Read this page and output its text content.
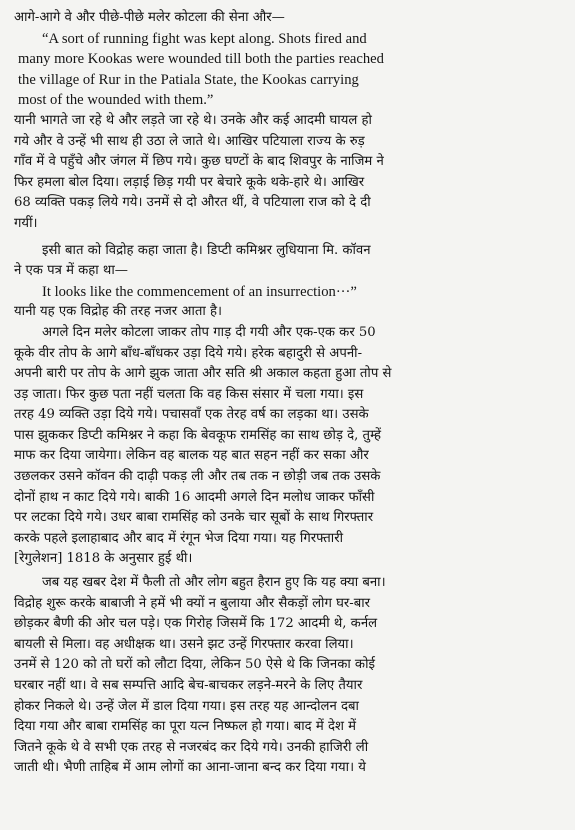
आगे-आगे वे और पीछे-पीछे मलेर कोटला की सेना और—
“A sort of running fight was kept along. Shots fired and
many more Kookas were wounded till both the parties reached
the village of Rur in the Patiala State, the Kookas carrying
most of the wounded with them.”
यानी भागते जा रहे थे और लड़ते जा रहे थे। उनके और कई आदमी घायल हो
गये और वे उन्हें भी साथ ही उठा ले जाते थे। आखिर पटियाला राज्य के रुड़
गाँव में वे पहुँचे और जंगल में छिप गये। कुछ घण्टों के बाद शिवपुर के नाजिम ने
फिर हमला बोल दिया। लड़ाई छिड़ गयी पर बेचारे कूके थके-हारे थे। आखिर
68 व्यक्ति पकड़ लिये गये। उनमें से दो औरत थीं, वे पटियाला राज को दे दी
गयीं।
इसी बात को विद्रोह कहा जाता है। डिप्टी कमिश्नर लुधियाना मि. कॉवन
ने एक पत्र में कहा था—
It looks like the commencement of an insurrection···”
यानी यह एक विद्रोह की तरह नजर आता है।
अगले दिन मलेर कोटला जाकर तोप गाड़ दी गयी और एक-एक कर 50
कूके वीर तोप के आगे बाँध-बाँधकर उड़ा दिये गये। हरेक बहादुरी से अपनी-
अपनी बारी पर तोप के आगे झुक जाता और सति श्री अकाल कहता हुआ तोप से
उड़ जाता। फिर कुछ पता नहीं चलता कि वह किस संसार में चला गया। इस
तरह 49 व्यक्ति उड़ा दिये गये। पचासवाँ एक तेरह वर्ष का लड़का था। उसके
पास झुककर डिप्टी कमिश्नर ने कहा कि बेवकूफ रामसिंह का साथ छोड़ दे, तुम्हें
माफ कर दिया जायेगा। लेकिन वह बालक यह बात सहन नहीं कर सका और
उछलकर उसने कॉवन की दाढ़ी पकड़ ली और तब तक न छोड़ी जब तक उसके
दोनों हाथ न काट दिये गये। बाकी 16 आदमी अगले दिन मलोध जाकर फाँसी
पर लटका दिये गये। उधर बाबा रामसिंह को उनके चार सूबों के साथ गिरफ्तार
करके पहले इलाहाबाद और बाद में रंगून भेज दिया गया। यह गिरफ्तारी
[रेगुलेशन] 1818 के अनुसार हुई थी।
जब यह खबर देश में फैली तो और लोग बहुत हैरान हुए कि यह क्या बना।
विद्रोह शुरू करके बाबाजी ने हमें भी क्यों न बुलाया और सैकड़ों लोग घर-बार
छोड़कर बैणी की ओर चल पड़े। एक गिरोह जिसमें कि 172 आदमी थे, कर्नल
बायली से मिला। वह अधीक्षक था। उसने झट उन्हें गिरफ्तार करवा लिया।
उनमें से 120 को तो घरों को लौटा दिया, लेकिन 50 ऐसे थे कि जिनका कोई
घरबार नहीं था। वे सब सम्पत्ति आदि बेच-बाचकर लड़ने-मरने के लिए तैयार
होकर निकले थे। उन्हें जेल में डाल दिया गया। इस तरह यह आन्दोलन दबा
दिया गया और बाबा रामसिंह का पूरा यत्न निष्फल हो गया। बाद में देश में
जितने कूके थे वे सभी एक तरह से नजरबंद कर दिये गये। उनकी हाजिरी ली
जाती थी। भैणी ताहिब में आम लोगों का आना-जाना बन्द कर दिया गया। ये
